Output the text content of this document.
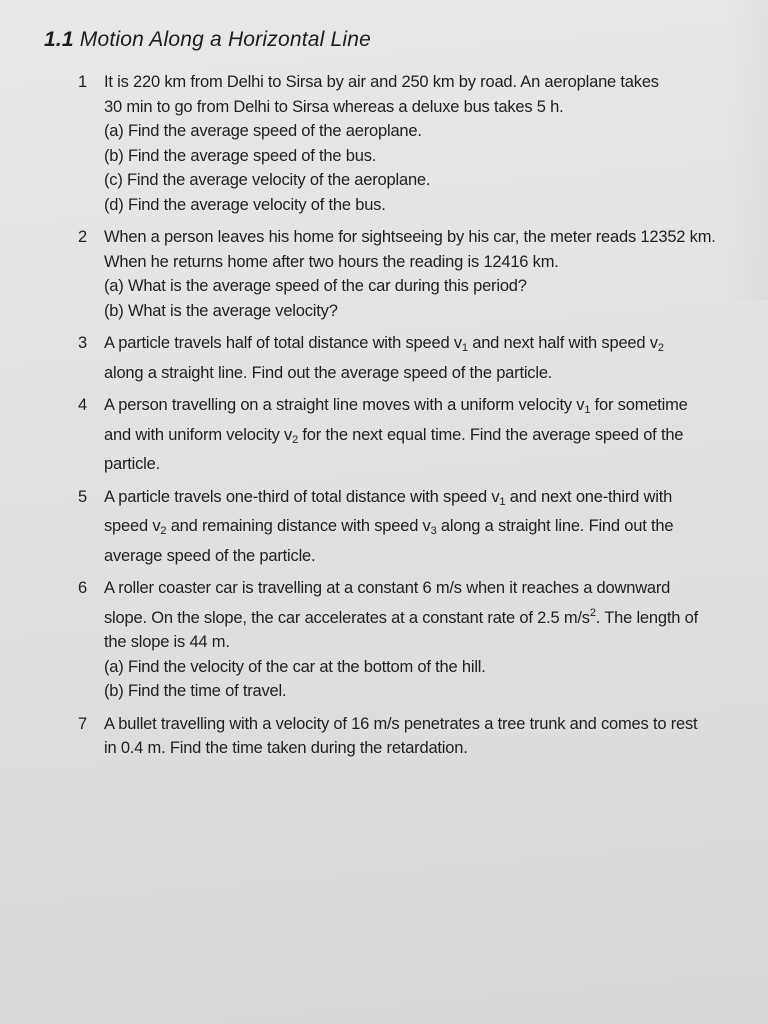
1.1 Motion Along a Horizontal Line
1	It is 220 km from Delhi to Sirsa by air and 250 km by road. An aeroplane takes
30 min to go from Delhi to Sirsa whereas a deluxe bus takes 5 h.
(a) Find the average speed of the aeroplane.
(b) Find the average speed of the bus.
(c) Find the average velocity of the aeroplane.
(d) Find the average velocity of the bus.
2	When a person leaves his home for sightseeing by his car, the meter reads 12352 km.
When he returns home after two hours the reading is 12416 km.
(a) What is the average speed of the car during this period?
(b) What is the average velocity?
3	A particle travels half of total distance with speed $v_1$ and next half with speed $v_2$
along a straight line. Find out the average speed of the particle.
4	A person travelling on a straight line moves with a uniform velocity $v_1$ for sometime
and with uniform velocity $v_2$ for the next equal time. Find the average speed of the
particle.
5	A particle travels one-third of total distance with speed $v_1$ and next one-third with
speed $v_2$ and remaining distance with speed $v_3$ along a straight line. Find out the
average speed of the particle.
6	A roller coaster car is travelling at a constant 6 m/s when it reaches a downward
slope. On the slope, the car accelerates at a constant rate of 2.5 $m/s^2$. The length of
the slope is 44 m.
(a) Find the velocity of the car at the bottom of the hill.
(b) Find the time of travel.
7	A bullet travelling with a velocity of 16 m/s penetrates a tree trunk and comes to rest
in 0.4 m. Find the time taken during the retardation.
